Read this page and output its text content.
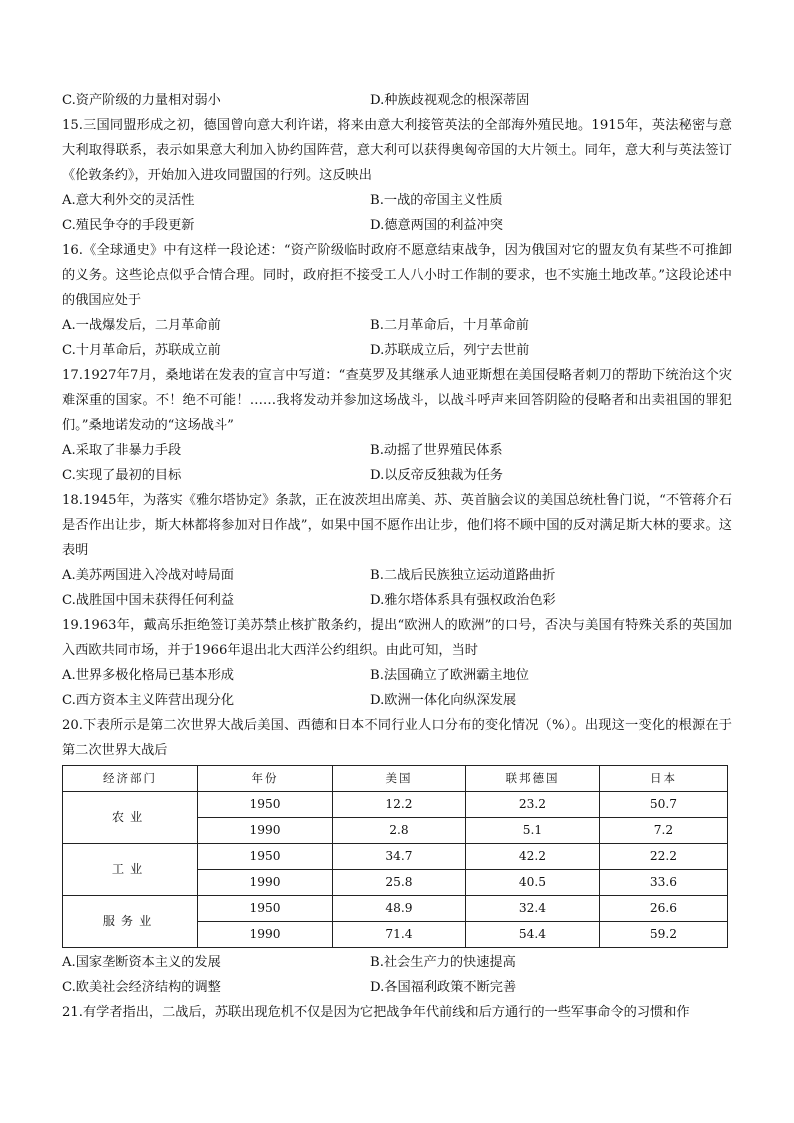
C.资产阶级的力量相对弱小	D.种族歧视观念的根深蒂固
15.三国同盟形成之初，德国曾向意大利许诺，将来由意大利接管英法的全部海外殖民地。1915年，英法秘密与意大利取得联系，表示如果意大利加入协约国阵营，意大利可以获得奥匈帝国的大片领土。同年，意大利与英法签订《伦敦条约》，开始加入进攻同盟国的行列。这反映出
A.意大利外交的灵活性	B.一战的帝国主义性质
C.殖民争夺的手段更新	D.德意两国的利益冲突
16.《全球通史》中有这样一段论述：“资产阶级临时政府不愿意结束战争，因为俄国对它的盟友负有某些不可推卸的义务。这些论点似乎合情合理。同时，政府拒不接受工人八小时工作制的要求，也不实施土地改革。”这段论述中的俄国应处于
A.一战爆发后，二月革命前	B.二月革命后，十月革命前
C.十月革命后，苏联成立前	D.苏联成立后，列宁去世前
17.1927年7月，桑地诺在发表的宣言中写道：“查莫罗及其继承人迪亚斯想在美国侵略者刺刀的帮助下统治这个灾难深重的国家。不！绝不可能！……我将发动并参加这场战斗，以战斗呼声来回答阴险的侵略者和出卖祖国的罪犯们。”桑地诺发动的“这场战斗”
A.采取了非暴力手段	B.动摇了世界殖民体系
C.实现了最初的目标	D.以反帝反独裁为任务
18.1945年，为落实《雅尔塔协定》条款，正在波茨坦出席美、苏、英首脑会议的美国总统杜鲁门说，“不管蒋介石是否作出让步，斯大林都将参加对日作战”，如果中国不愿作出让步，他们将不顾中国的反对满足斯大林的要求。这表明
A.美苏两国进入冷战对峙局面	B.二战后民族独立运动道路曲折
C.战胜国中国未获得任何利益	D.雅尔塔体系具有强权政治色彩
19.1963年，戴高乐拒绝签订美苏禁止核扩散条约，提出“欧洲人的欧洲”的口号，否决与美国有特殊关系的英国加入西欧共同市场，并于1966年退出北大西洋公约组织。由此可知，当时
A.世界多极化格局已基本形成	B.法国确立了欧洲霸主地位
C.西方资本主义阵营出现分化	D.欧洲一体化向纵深发展
20.下表所示是第二次世界大战后美国、西德和日本不同行业人口分布的变化情况（%）。出现这一变化的根源在于第二次世界大战后
经济部门	年份	美国	联邦德国	日本
农业	1950	12.2	23.2	50.7
	1990	2.8	5.1	7.2
工业	1950	34.7	42.2	22.2
	1990	25.8	40.5	33.6
服务业	1950	48.9	32.4	26.6
	1990	71.4	54.4	59.2
A.国家垄断资本主义的发展	B.社会生产力的快速提高
C.欧美社会经济结构的调整	D.各国福利政策不断完善
21.有学者指出，二战后，苏联出现危机不仅是因为它把战争年代前线和后方通行的一些军事命令的习惯和作
